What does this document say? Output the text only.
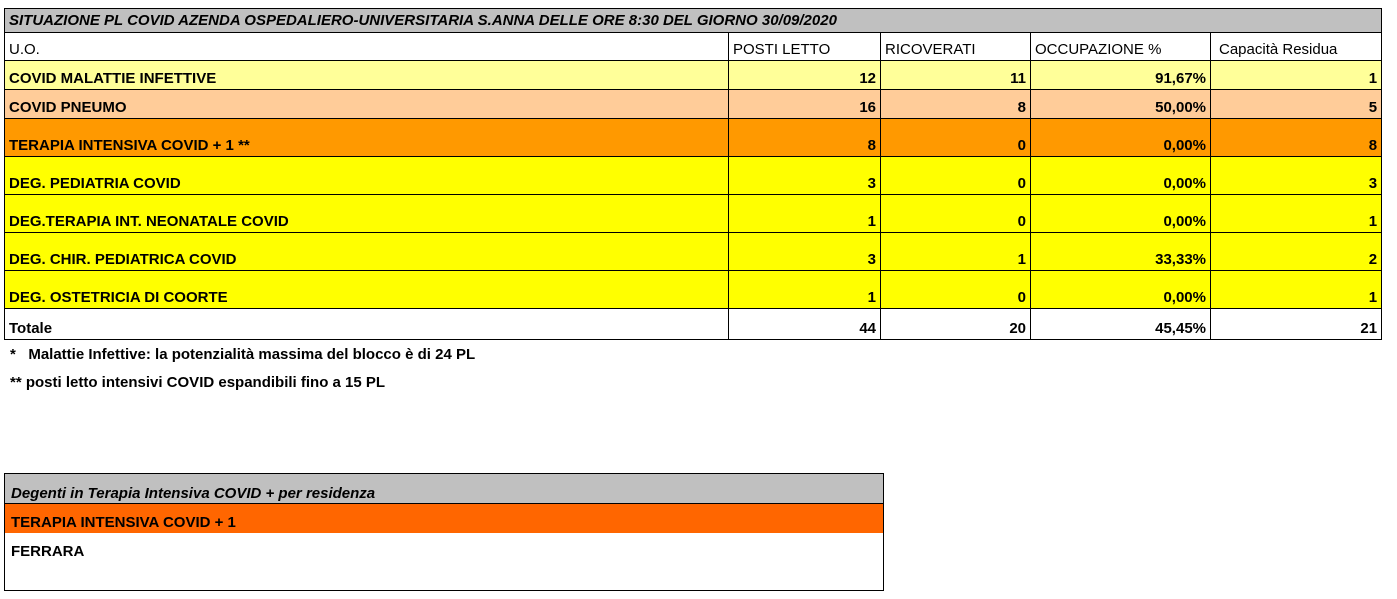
SITUAZIONE PL COVID AZENDA OSPEDALIERO-UNIVERSITARIA S.ANNA DELLE ORE 8:30 DEL GIORNO 30/09/2020				
U.O.	POSTI LETTO	RICOVERATI	OCCUPAZIONE %	Capacità Residua
COVID MALATTIE INFETTIVE	12	11	91,67%	1
COVID PNEUMO	16	8	50,00%	5
TERAPIA INTENSIVA COVID + 1 **	8	0	0,00%	8
DEG. PEDIATRIA COVID	3	0	0,00%	3
DEG.TERAPIA INT. NEONATALE COVID	1	0	0,00%	1
DEG. CHIR. PEDIATRICA COVID	3	1	33,33%	2
DEG. OSTETRICIA DI COORTE	1	0	0,00%	1
Totale	44	20	45,45%	21
*   Malattie Infettive: la potenzialità massima del blocco è di 24 PL
** posti letto intensivi COVID espandibili fino a 15 PL
Degenti in Terapia Intensiva COVID + per residenza
TERAPIA INTENSIVA COVID + 1
FERRARA
